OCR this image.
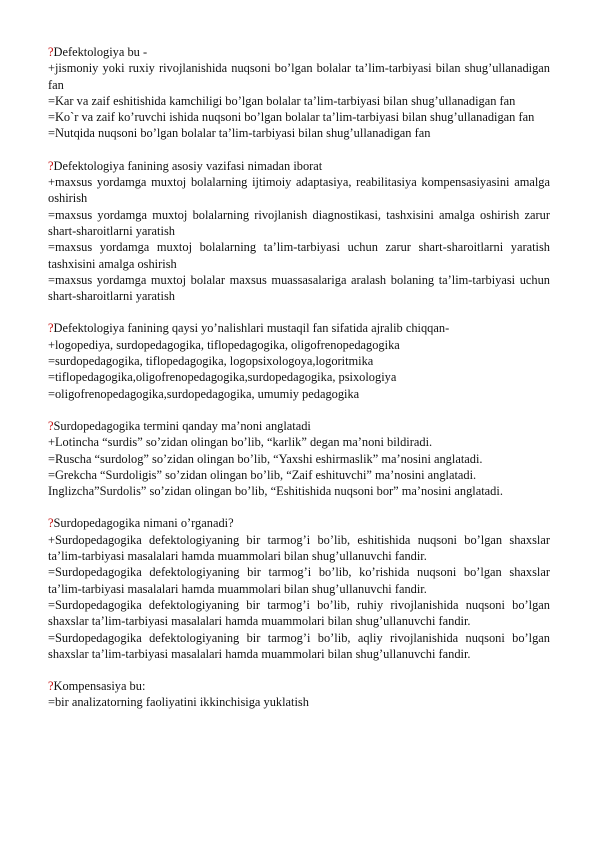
?Defektologiya bu -

+jismoniy yoki ruxiy rivojlanishida nuqsoni bo’lgan bolalar ta’lim-tarbiyasi bilan shug’ullanadigan fan

=Kar va zaif eshitishida kamchiligi bo’lgan bolalar ta’lim-tarbiyasi bilan shug’ullanadigan fan

=Ko`r va zaif ko’ruvchi ishida nuqsoni bo’lgan bolalar ta’lim-tarbiyasi bilan shug’ullanadigan fan

=Nutqida nuqsoni bo’lgan bolalar ta’lim-tarbiyasi bilan shug’ullanadigan fan

?Defektologiya fanining asosiy vazifasi nimadan iborat

+maxsus yordamga muxtoj bolalarning ijtimoiy adaptasiya, reabilitasiya kompensasiyasini amalga oshirish

=maxsus yordamga muxtoj bolalarning rivojlanish diagnostikasi, tashxisini amalga oshirish zarur shart-sharoitlarni yaratish

=maxsus yordamga muxtoj bolalarning ta’lim-tarbiyasi uchun zarur shart-sharoitlarni yaratish tashxisini amalga oshirish

=maxsus yordamga muxtoj bolalar maxsus muassasalariga aralash bolaning ta’lim-tarbiyasi uchun shart-sharoitlarni yaratish

?Defektologiya fanining qaysi yo’nalishlari mustaqil fan sifatida ajralib chiqqan-

+logopediya, surdopedagogika, tiflopedagogika, oligofrenopedagogika

=surdopedagogika, tiflopedagogika, logopsixologoya,logoritmika

=tiflopedagogika,oligofrenopedagogika,surdopedagogika, psixologiya

=oligofrenopedagogika,surdopedagogika, umumiy pedagogika

?Surdopedagogika termini qanday ma’noni anglatadi

+Lotincha “surdis” so’zidan olingan bo’lib, “karlik” degan ma’noni bildiradi.

=Ruscha “surdolog” so’zidan olingan bo’lib, “Yaxshi eshirmaslik” ma’nosini anglatadi.

=Grekcha “Surdoligis” so’zidan olingan bo’lib, “Zaif eshituvchi” ma’nosini anglatadi.

Inglizcha”Surdolis” so’zidan olingan bo’lib, “Eshitishida nuqsoni bor” ma’nosini anglatadi.

?Surdopedagogika nimani o’rganadi?

+Surdopedagogika defektologiyaning bir tarmog’i bo’lib, eshitishida nuqsoni bo’lgan shaxslar ta’lim-tarbiyasi masalalari hamda muammolari bilan shug’ullanuvchi fandir.

=Surdopedagogika defektologiyaning bir tarmog’i bo’lib, ko’rishida nuqsoni bo’lgan shaxslar ta’lim-tarbiyasi masalalari hamda muammolari bilan shug’ullanuvchi fandir.

=Surdopedagogika defektologiyaning bir tarmog’i bo’lib, ruhiy rivojlanishida nuqsoni bo’lgan shaxslar ta’lim-tarbiyasi masalalari hamda muammolari bilan shug’ullanuvchi fandir.

=Surdopedagogika defektologiyaning bir tarmog’i bo’lib, aqliy rivojlanishida nuqsoni bo’lgan shaxslar ta’lim-tarbiyasi masalalari hamda muammolari bilan shug’ullanuvchi fandir.

?Kompensasiya bu:

=bir analizatorning faoliyatini ikkinchisiga yuklatish
